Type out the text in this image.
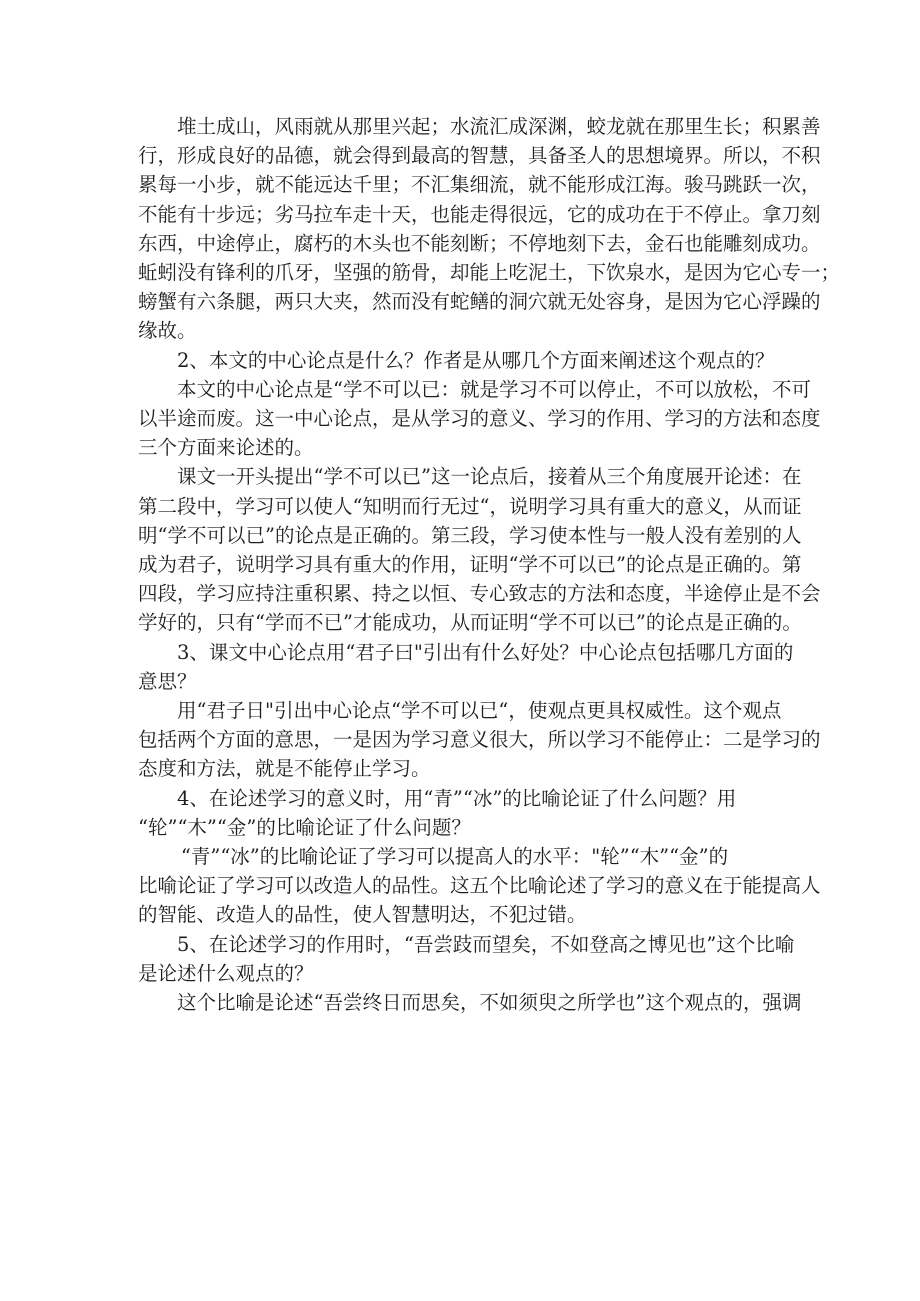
堆土成山，风雨就从那里兴起；水流汇成深渊，蛟龙就在那里生长；积累善
行，形成良好的品德，就会得到最高的智慧，具备圣人的思想境界。所以，不积
累每一小步，就不能远达千里；不汇集细流，就不能形成江海。骏马跳跃一次，
不能有十步远；劣马拉车走十天，也能走得很远，它的成功在于不停止。拿刀刻
东西，中途停止，腐朽的木头也不能刻断；不停地刻下去，金石也能雕刻成功。
蚯蚓没有锋利的爪牙，坚强的筋骨，却能上吃泥土，下饮泉水，是因为它心专一；
螃蟹有六条腿，两只大夹，然而没有蛇鳝的洞穴就无处容身，是因为它心浮躁的
缘故。

2、本文的中心论点是什么？作者是从哪几个方面来阐述这个观点的？

本文的中心论点是“学不可以已：就是学习不可以停止，不可以放松，不可
以半途而废。这一中心论点，是从学习的意义、学习的作用、学习的方法和态度
三个方面来论述的。

课文一开头提出“学不可以已”这一论点后，接着从三个角度展开论述：在
第二段中，学习可以使人“知明而行无过“，说明学习具有重大的意义，从而证
明“学不可以已”的论点是正确的。第三段，学习使本性与一般人没有差别的人
成为君子，说明学习具有重大的作用，证明“学不可以已”的论点是正确的。第
四段，学习应持注重积累、持之以恒、专心致志的方法和态度，半途停止是不会
学好的，只有“学而不已”才能成功，从而证明“学不可以已”的论点是正确的。

3、课文中心论点用“君子曰"引出有什么好处？中心论点包括哪几方面的
意思？

用“君子日"引出中心论点“学不可以已“，使观点更具权威性。这个观点
包括两个方面的意思，一是因为学习意义很大，所以学习不能停止：二是学习的
态度和方法，就是不能停止学习。

4、在论述学习的意义时，用“青”“冰”的比喻论证了什么问题？用
“轮”“木”“金”的比喻论证了什么问题？

“青”“冰”的比喻论证了学习可以提高人的水平："轮”“木”“金”的
比喻论证了学习可以改造人的品性。这五个比喻论述了学习的意义在于能提高人
的智能、改造人的品性，使人智慧明达，不犯过错。

5、在论述学习的作用时，“吾尝跂而望矣，不如登高之博见也”这个比喻
是论述什么观点的？

这个比喻是论述“吾尝终日而思矣，不如须臾之所学也”这个观点的，强调
